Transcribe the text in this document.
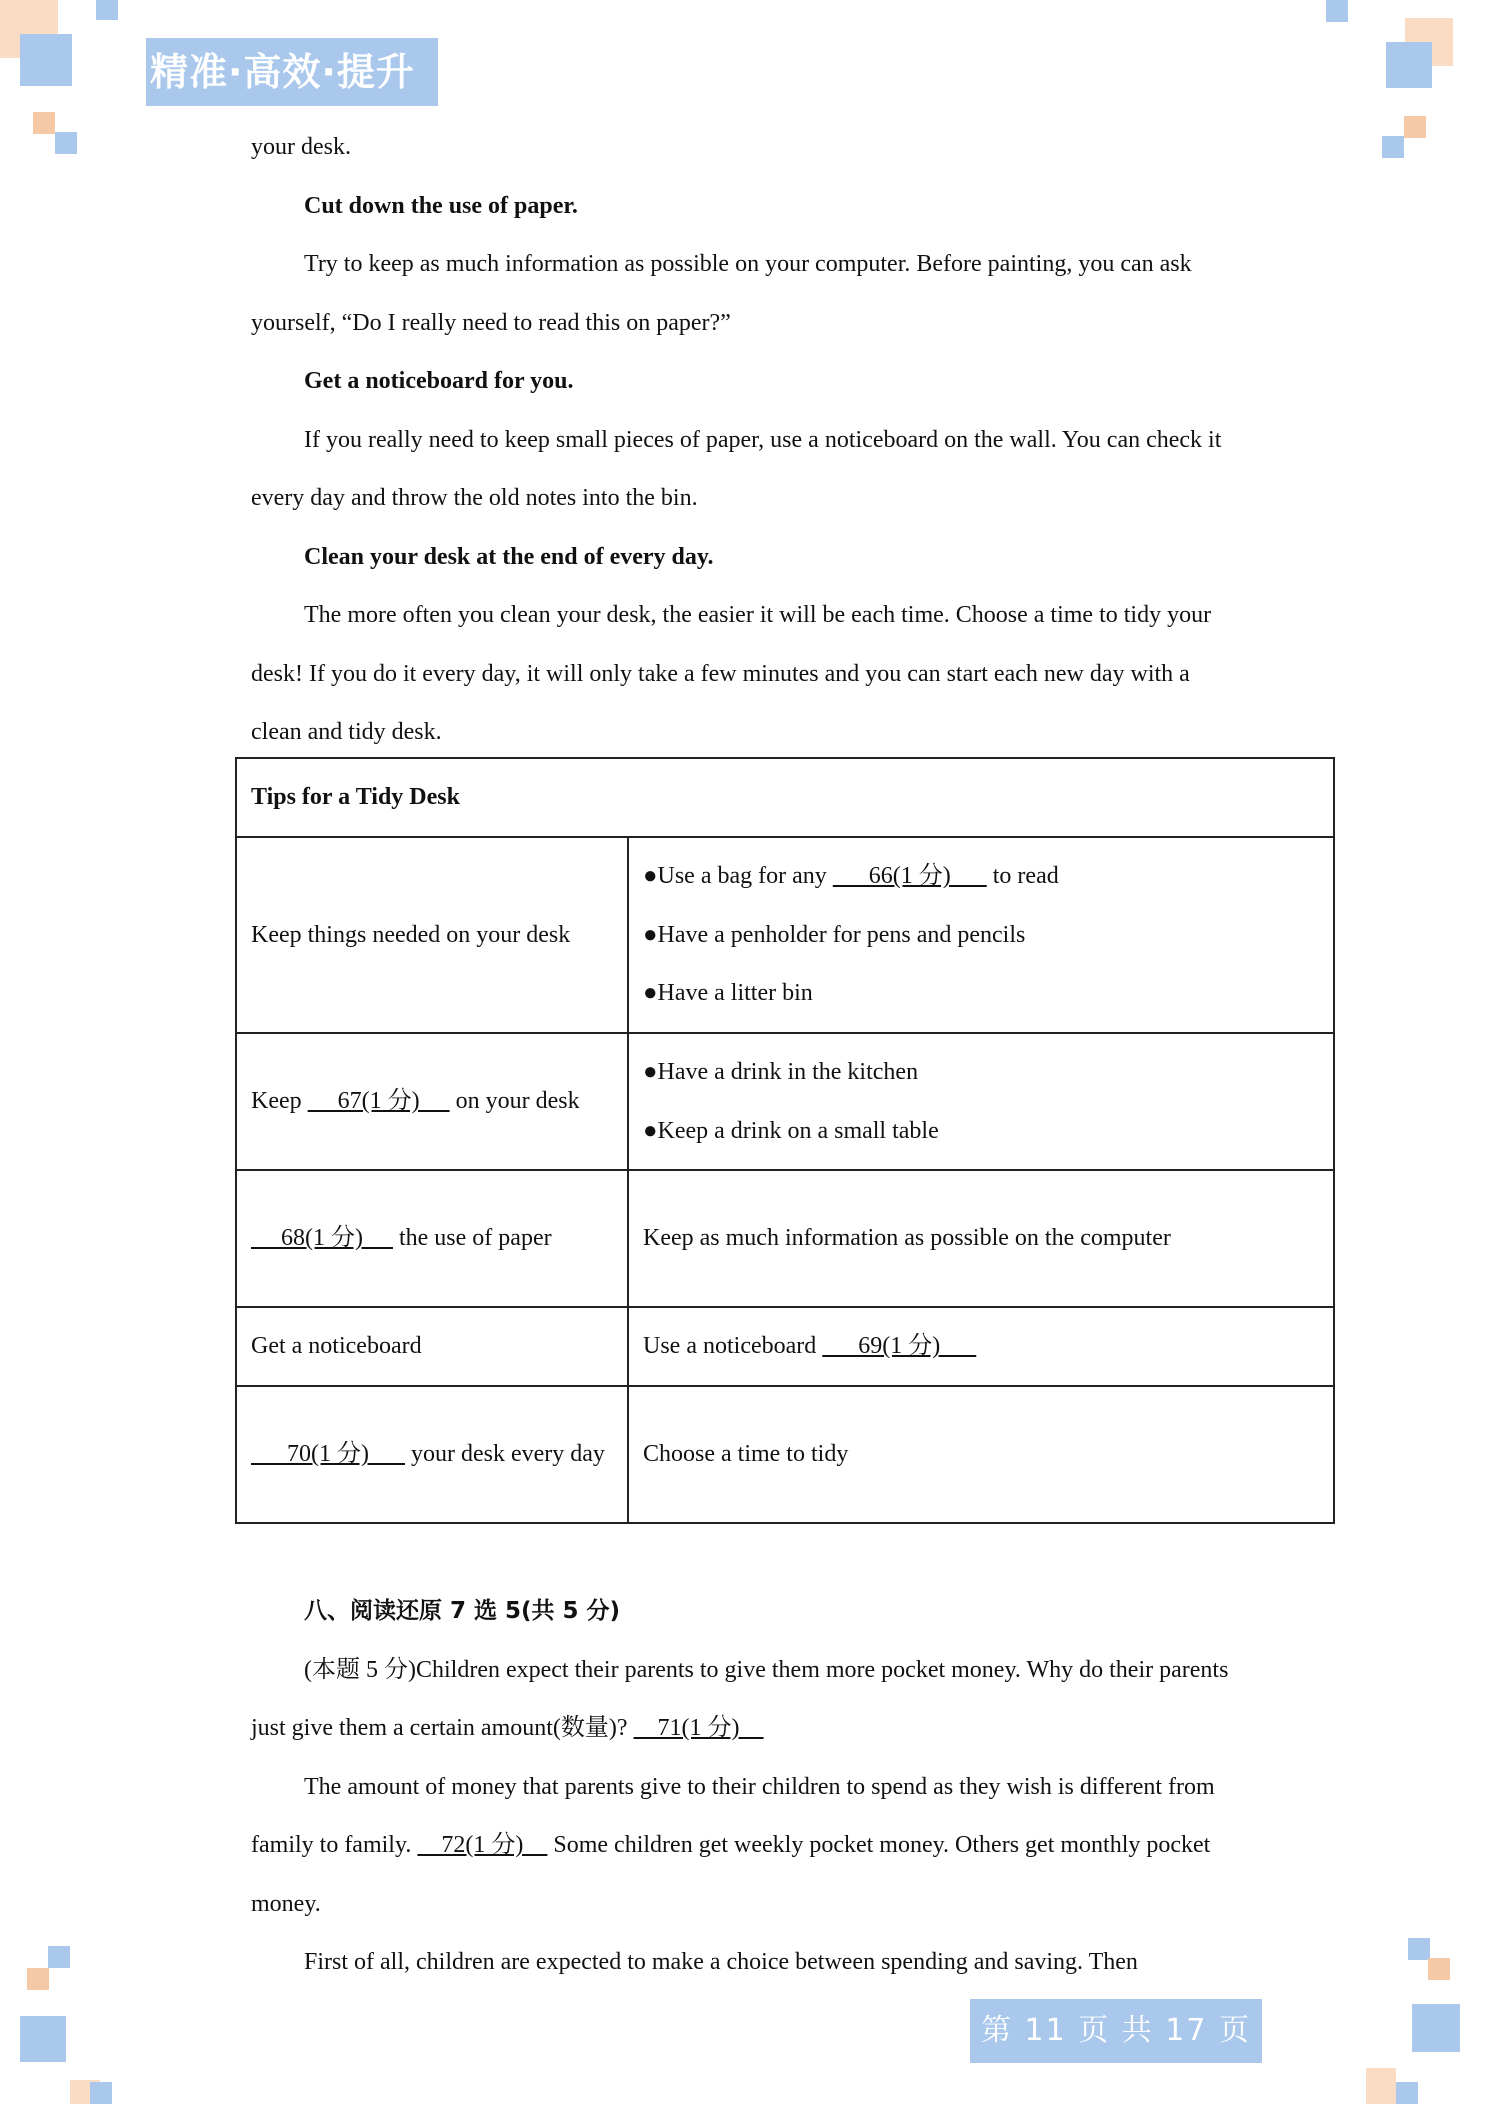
精准·高效·提升

your desk.

Cut down the use of paper.

Try to keep as much information as possible on your computer. Before painting, you can ask yourself, “Do I really need to read this on paper?”

Get a noticeboard for you.

If you really need to keep small pieces of paper, use a noticeboard on the wall. You can check it every day and throw the old notes into the bin.

Clean your desk at the end of every day.

The more often you clean your desk, the easier it will be each time. Choose a time to tidy your desk! If you do it every day, it will only take a few minutes and you can start each new day with a clean and tidy desk.

Tips for a Tidy Desk	
Keep things needed on your desk	●Use a bag for any       66(1 分)       to read
●Have a penholder for pens and pencils
●Have a litter bin

Keep      67(1 分)      on your desk	●Have a drink in the kitchen
●Keep a drink on a small table

68(1 分)      the use of paper	Keep as much information as possible on the computer
Get a noticeboard	Use a noticeboard       69(1 分)
70(1 分)       your desk every day	Choose a time to tidy

八、阅读还原 7 选 5(共 5 分)

(本题 5 分)Children expect their parents to give them more pocket money. Why do their parents just give them a certain amount(数量)?     71(1 分)

The amount of money that parents give to their children to spend as they wish is different from family to family.     72(1 分)     Some children get weekly pocket money. Others get monthly pocket money.

First of all, children are expected to make a choice between spending and saving. Then

第 11 页 共 17 页
